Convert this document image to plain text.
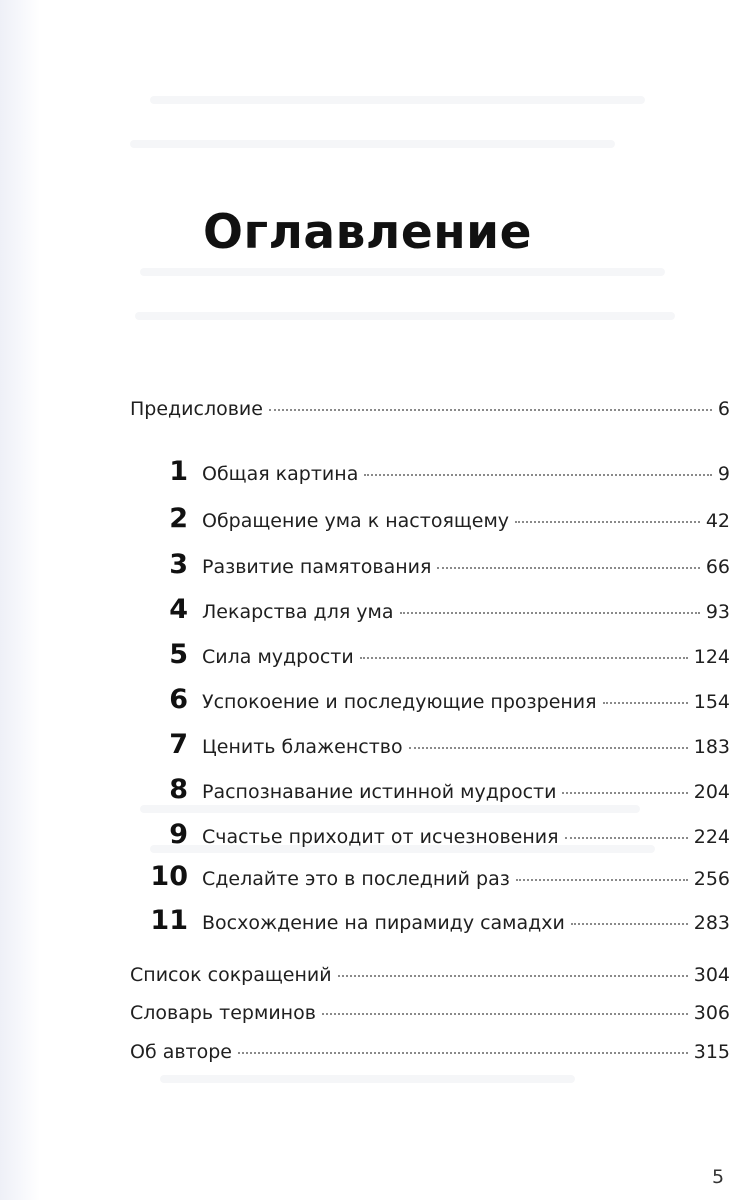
Оглавление
Предисловие	6
1 Общая картина	9
2 Обращение ума к настоящему	42
3 Развитие памятования	66
4 Лекарства для ума	93
5 Сила мудрости	124
6 Успокоение и последующие прозрения	154
7 Ценить блаженство	183
8 Распознавание истинной мудрости	204
9 Счастье приходит от исчезновения	224
10 Сделайте это в последний раз	256
11 Восхождение на пирамиду самадхи	283
Список сокращений	304
Словарь терминов	306
Об авторе	315
5
